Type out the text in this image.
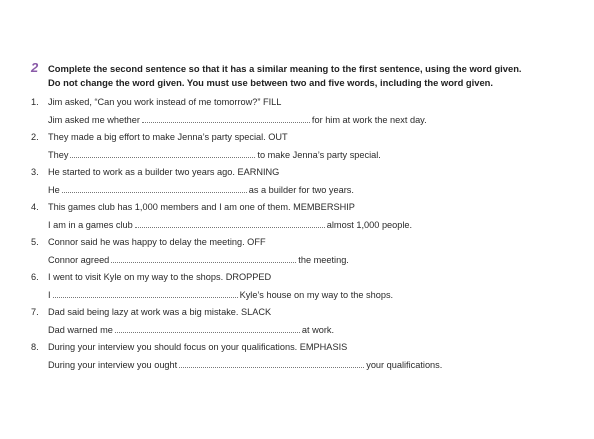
2 Complete the second sentence so that it has a similar meaning to the first sentence, using the word given.
Do not change the word given. You must use between two and five words, including the word given.
1. Jim asked, “Can you work instead of me tomorrow?” FILL
Jim asked me whether	for him at work the next day.
2. They made a big effort to make Jenna’s party special. OUT
They	to make Jenna’s party special.
3. He started to work as a builder two years ago. EARNING
He	as a builder for two years.
4. This games club has 1,000 members and I am one of them. MEMBERSHIP
I am in a games club	almost 1,000 people.
5. Connor said he was happy to delay the meeting. OFF
Connor agreed	the meeting.
6. I went to visit Kyle on my way to the shops. DROPPED
I	Kyle’s house on my way to the shops.
7. Dad said being lazy at work was a big mistake. SLACK
Dad warned me	at work.
8. During your interview you should focus on your qualifications. EMPHASIS
During your interview you ought	your qualifications.
